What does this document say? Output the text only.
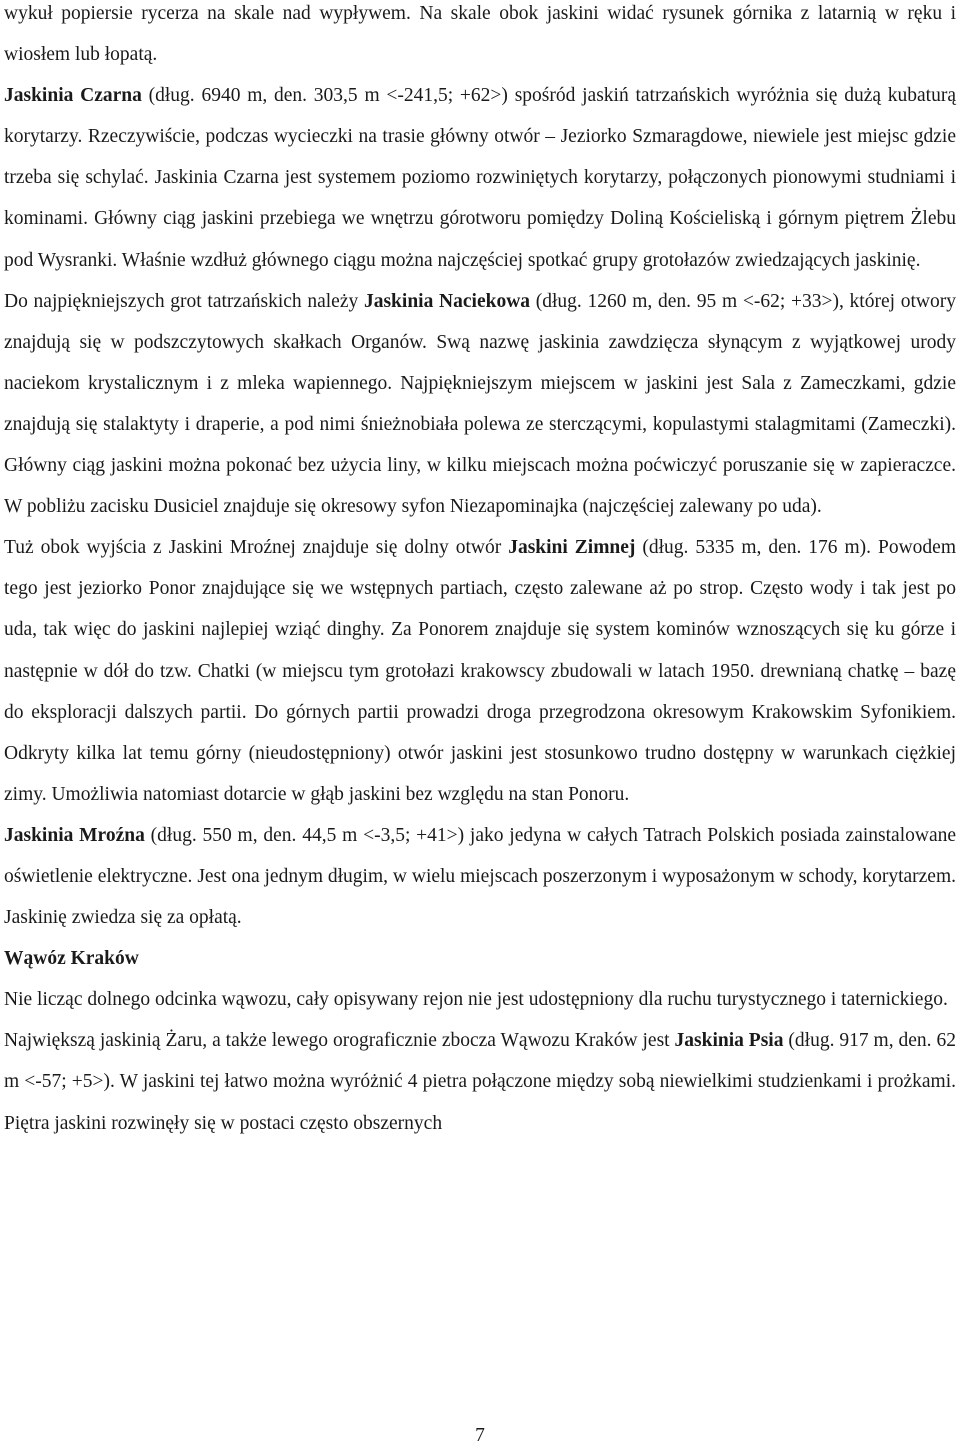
wykuł popiersie rycerza na skale nad wypływem. Na skale obok jaskini widać rysunek górnika z latarnią w ręku i wiosłem lub łopatą.

Jaskinia Czarna (dług. 6940 m, den. 303,5 m <-241,5; +62>) spośród jaskiń tatrzańskich wyróżnia się dużą kubaturą korytarzy. Rzeczywiście, podczas wycieczki na trasie główny otwór – Jeziorko Szmaragdowe, niewiele jest miejsc gdzie trzeba się schylać. Jaskinia Czarna jest systemem poziomo rozwiniętych korytarzy, połączonych pionowymi studniami i kominami. Główny ciąg jaskini przebiega we wnętrzu górotworu pomiędzy Doliną Kościeliską i górnym piętrem Żlebu pod Wysranki. Właśnie wzdłuż głównego ciągu można najczęściej spotkać grupy grotołazów zwiedzających jaskinię.

Do najpiękniejszych grot tatrzańskich należy Jaskinia Naciekowa (dług. 1260 m, den. 95 m <-62; +33>), której otwory znajdują się w podszczytowych skałkach Organów. Swą nazwę jaskinia zawdzięcza słynącym z wyjątkowej urody naciekom krystalicznym i z mleka wapiennego. Najpiękniejszym miejscem w jaskini jest Sala z Zameczkami, gdzie znajdują się stalaktyty i draperie, a pod nimi śnieżnobiała polewa ze sterczącymi, kopulastymi stalagmitami (Zameczki). Główny ciąg jaskini można pokonać bez użycia liny, w kilku miejscach można poćwiczyć poruszanie się w zapieraczce. W pobliżu zacisku Dusiciel znajduje się okresowy syfon Niezapominajka (najczęściej zalewany po uda).

Tuż obok wyjścia z Jaskini Mroźnej znajduje się dolny otwór Jaskini Zimnej (dług. 5335 m, den. 176 m). Powodem tego jest jeziorko Ponor znajdujące się we wstępnych partiach, często zalewane aż po strop. Często wody i tak jest po uda, tak więc do jaskini najlepiej wziąć dinghy. Za Ponorem znajduje się system kominów wznoszących się ku górze i następnie w dół do tzw. Chatki (w miejscu tym grotołazi krakowscy zbudowali w latach 1950. drewnianą chatkę – bazę do eksploracji dalszych partii. Do górnych partii prowadzi droga przegrodzona okresowym Krakowskim Syfonikiem. Odkryty kilka lat temu górny (nieudostępniony) otwór jaskini jest stosunkowo trudno dostępny w warunkach ciężkiej zimy. Umożliwia natomiast dotarcie w głąb jaskini bez względu na stan Ponoru.

Jaskinia Mroźna (dług. 550 m, den. 44,5 m <-3,5; +41>) jako jedyna w całych Tatrach Polskich posiada zainstalowane oświetlenie elektryczne. Jest ona jednym długim, w wielu miejscach poszerzonym i wyposażonym w schody, korytarzem. Jaskinię zwiedza się za opłatą.

Wąwóz Kraków

Nie licząc dolnego odcinka wąwozu, cały opisywany rejon nie jest udostępniony dla ruchu turystycznego i taternickiego.

Największą jaskinią Żaru, a także lewego orograficznie zbocza Wąwozu Kraków jest Jaskinia Psia (dług. 917 m, den. 62 m <-57; +5>). W jaskini tej łatwo można wyróżnić 4 pietra połączone między sobą niewielkimi studzienkami i prożkami. Piętra jaskini rozwinęły się w postaci często obszernych

7
